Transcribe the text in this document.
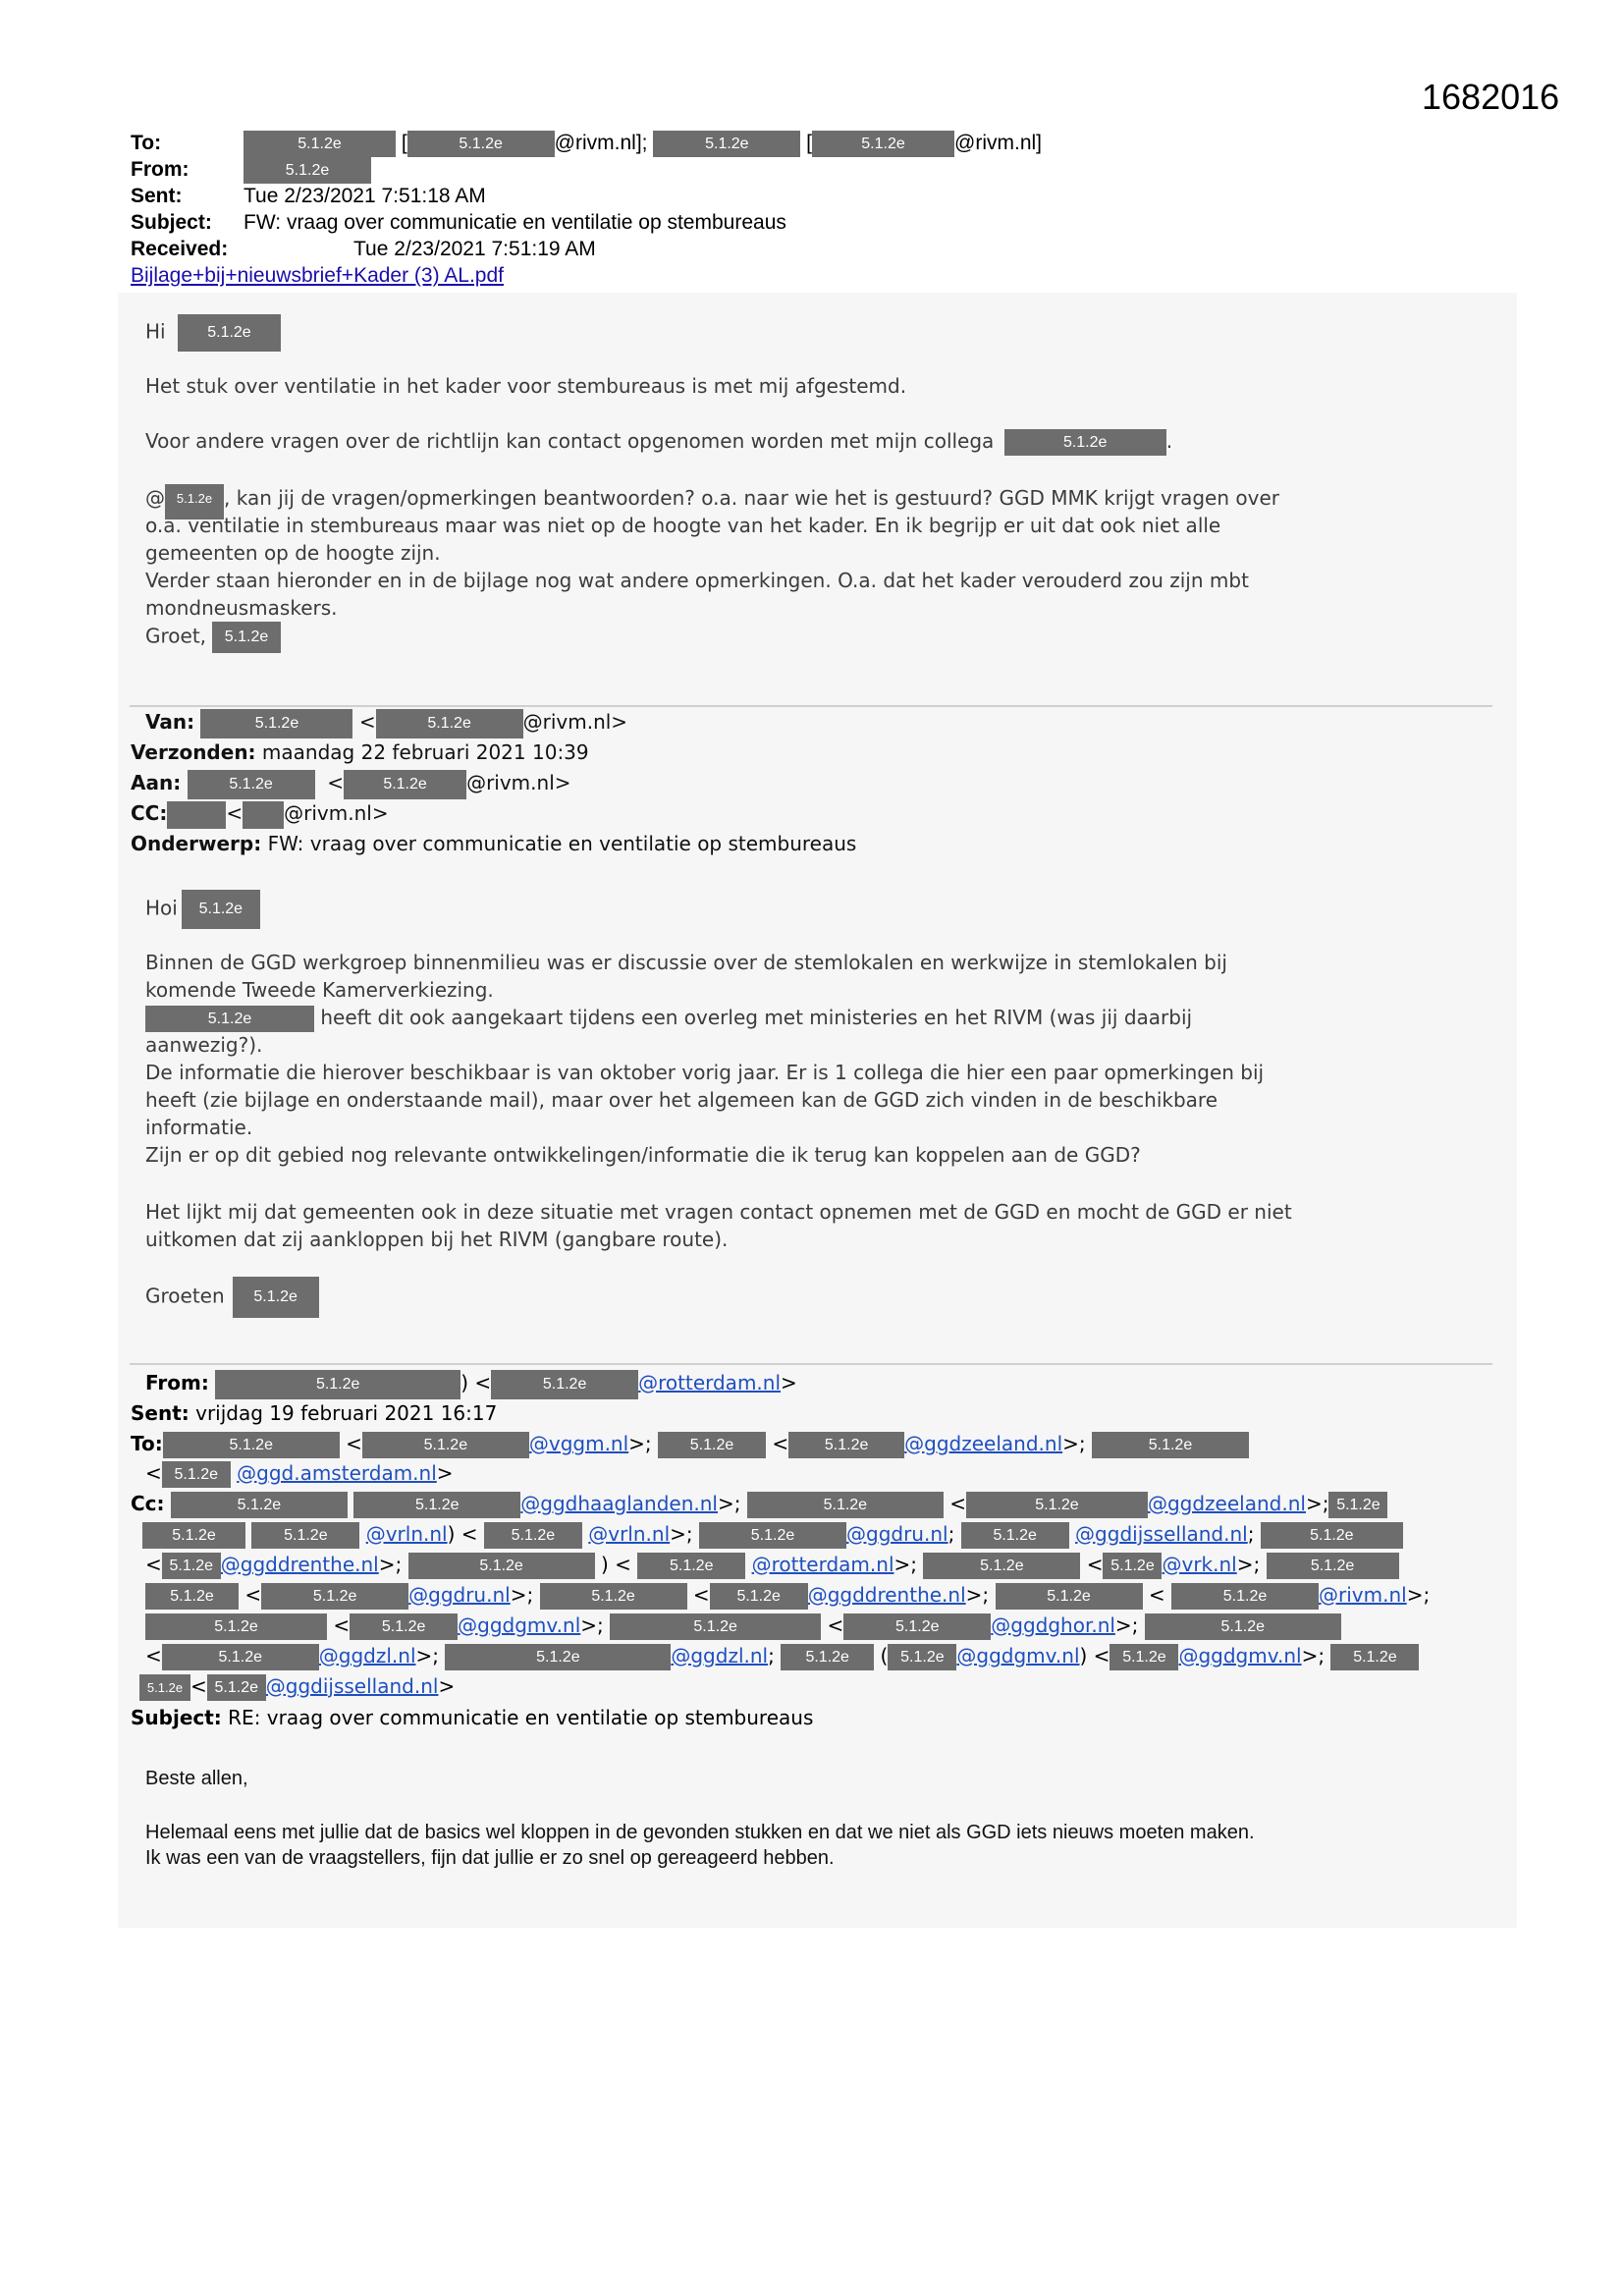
1682016
To:	5.1.2e	[	5.1.2e	@rivm.nl];	5.1.2e	[	5.1.2e @rivm.nl]
From:	5.1.2e
Sent:	Tue 2/23/2021 7:51:18 AM
Subject: FW: vraag over communicatie en ventilatie op stembureaus
Received:	Tue 2/23/2021 7:51:19 AM
Bijlage+bij+nieuwsbrief+Kader (3) AL.pdf
Hi	5.1.2e
Het stuk over ventilatie in het kader voor stembureaus is met mij afgestemd.
Voor andere vragen over de richtlijn kan contact opgenomen worden met mijn collega	5.1.2e	.
@ 5.1.2e , kan jij de vragen/opmerkingen beantwoorden? o.a. naar wie het is gestuurd? GGD MMK krijgt vragen over
o.a. ventilatie in stembureaus maar was niet op de hoogte van het kader. En ik begrijp er uit dat ook niet alle
gemeenten op de hoogte zijn.
Verder staan hieronder en in de bijlage nog wat andere opmerkingen. O.a. dat het kader verouderd zou zijn mbt
mondneusmaskers.
Groet, 5.1.2e
Van:	5.1.2e	<	5.1.2e	@rivm.nl>
Verzonden: maandag 22 februari 2021 10:39
Aan:	5.1.2e  <	5.1.2e @rivm.nl>
CC:	< @rivm.nl>
Onderwerp: FW: vraag over communicatie en ventilatie op stembureaus
Hoi 5.1.2e
Binnen de GGD werkgroep binnenmilieu was er discussie over de stemlokalen en werkwijze in stemlokalen bij
komende Tweede Kamerverkiezing.
5.1.2e	heeft dit ook aangekaart tijdens een overleg met ministeries en het RIVM (was jij daarbij
aanwezig?).
De informatie die hierover beschikbaar is van oktober vorig jaar. Er is 1 collega die hier een paar opmerkingen bij
heeft (zie bijlage en onderstaande mail), maar over het algemeen kan de GGD zich vinden in de beschikbare
informatie.
Zijn er op dit gebied nog relevante ontwikkelingen/informatie die ik terug kan koppelen aan de GGD?
Het lijkt mij dat gemeenten ook in deze situatie met vragen contact opnemen met de GGD en mocht de GGD er niet
uitkomen dat zij aankloppen bij het RIVM (gangbare route).
Groeten 5.1.2e
From:	5.1.2e	) <	5.1.2e	@rotterdam.nl>
Sent: vrijdag 19 februari 2021 16:17
To:	5.1.2e	<	5.1.2e	@vggm.nl>; 5.1.2e < 5.1.2e @ggdzeeland.nl>;	5.1.2e
< 5.1.2e @ggd.amsterdam.nl>
Cc:	5.1.2e	5.1.2e	@ggdhaaglanden.nl>;	5.1.2e	<	5.1.2e	@ggdzeeland.nl>; 5.1.2e
5.1.2e	5.1.2e @vrln.nl) < 5.1.2e @vrln.nl>;	5.1.2e	@ggdru.nl; 5.1.2e @ggdijsselland.nl;	5.1.2e
< 5.1.2e @ggddrenthe.nl>;	5.1.2e	) < 5.1.2e @rotterdam.nl>;	5.1.2e	< 5.1.2e @vrk.nl>;	5.1.2e
5.1.2e <	5.1.2e	@ggdru.nl>;	5.1.2e	< 5.1.2e @ggddrenthe.nl>;	5.1.2e	<	5.1.2e	@rivm.nl>;
5.1.2e	< 5.1.2e @ggdgmv.nl>;	5.1.2e	<	5.1.2e	@ggdghor.nl>;	5.1.2e
<	5.1.2e	@ggdzl.nl>;	5.1.2e	@ggdzl.nl; 5.1.2e ( 5.1.2e @ggdgmv.nl) < 5.1.2e @ggdgmv.nl>; 5.1.2e
5.1.2e < 5.1.2e @ggdijsselland.nl>
Subject: RE: vraag over communicatie en ventilatie op stembureaus
Beste allen,
Helemaal eens met jullie dat de basics wel kloppen in de gevonden stukken en dat we niet als GGD iets nieuws moeten maken.
Ik was een van de vraagstellers, fijn dat jullie er zo snel op gereageerd hebben.
